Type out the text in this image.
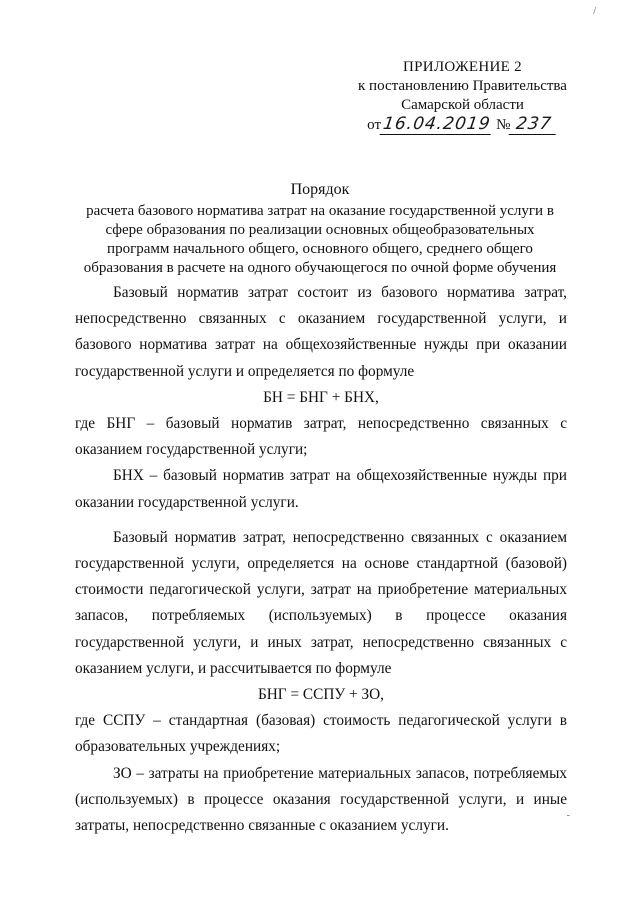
/
ПРИЛОЖЕНИЕ 2
к постановлению Правительства
Самарской области
от16.04.2019 № 237
Порядок
расчета базового норматива затрат на оказание государственной услуги в
сфере образования по реализации основных общеобразовательных
программ начального общего, основного общего, среднего общего
образования в расчете на одного обучающегося по очной форме обучения

Базовый норматив затрат состоит из базового норматива затрат, непосредственно связанных с оказанием государственной услуги, и базового норматива затрат на общехозяйственные нужды при оказании государственной услуги и определяется по формуле

БН = БНГ + БНХ,

где БНГ – базовый норматив затрат, непосредственно связанных с оказанием государственной услуги;

БНХ – базовый норматив затрат на общехозяйственные нужды при оказании государственной услуги.

Базовый норматив затрат, непосредственно связанных с оказанием государственной услуги, определяется на основе стандартной (базовой) стоимости педагогической услуги, затрат на приобретение материальных запасов, потребляемых (используемых) в процессе оказания государственной услуги, и иных затрат, непосредственно связанных с оказанием услуги, и рассчитывается по формуле

БНГ = ССПУ + ЗО,

где ССПУ – стандартная (базовая) стоимость педагогической услуги в образовательных учреждениях;

ЗО – затраты на приобретение материальных запасов, потребляемых (используемых) в процессе оказания государственной услуги, и иные затраты, непосредственно связанные с оказанием услуги.

-
